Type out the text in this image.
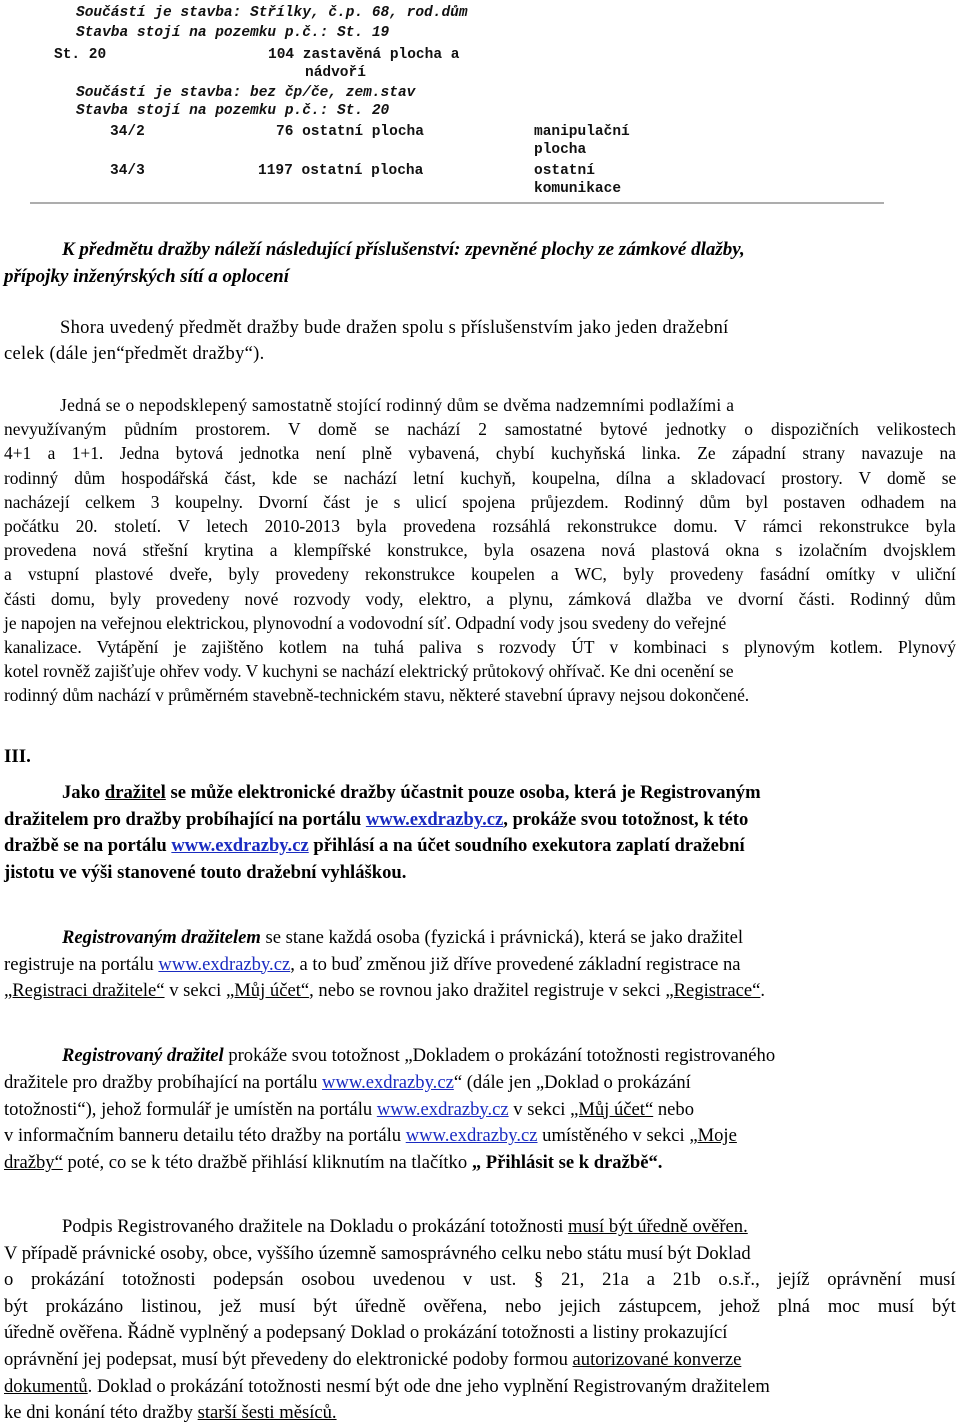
Součástí je stavba: Střílky, č.p. 68, rod.dům
Stavba stojí na pozemku p.č.: St. 19
St. 20	104 zastavěná plocha a
nádvoří
Součástí je stavba: bez čp/če, zem.stav
Stavba stojí na pozemku p.č.: St. 20
34/2	76 ostatní plocha	manipulační
plocha
34/3	1197 ostatní plocha	ostatní
komunikace
K předmětu dražby náleží následující příslušenství: zpevněné plochy ze zámkové dlažby,
přípojky inženýrských sítí a oplocení
Shora uvedený předmět dražby bude dražen spolu s příslušenstvím jako jeden dražební
celek (dále jen“předmět dražby“).
Jedná se o nepodsklepený samostatně stojící rodinný dům se dvěma nadzemními podlažími a
nevyužívaným půdním prostorem. V domě se nachází 2 samostatné bytové jednotky o dispozičních velikostech
4+1 a 1+1. Jedna bytová jednotka není plně vybavená, chybí kuchyňská linka. Ze západní strany navazuje na
rodinný dům hospodářská část, kde se nachází letní kuchyň, koupelna, dílna a skladovací prostory. V domě se
nacházejí celkem 3 koupelny. Dvorní část je s ulicí spojena průjezdem. Rodinný dům byl postaven odhadem na
počátku 20. století. V letech 2010-2013 byla provedena rozsáhlá rekonstrukce domu. V rámci rekonstrukce byla
provedena nová střešní krytina a klempířské konstrukce, byla osazena nová plastová okna s izolačním dvojsklem
a vstupní plastové dveře, byly provedeny rekonstrukce koupelen a WC, byly provedeny fasádní omítky v uliční
části domu, byly provedeny nové rozvody vody, elektro, a plynu, zámková dlažba ve dvorní části. Rodinný dům
je napojen na veřejnou elektrickou, plynovodní a vodovodní síť. Odpadní vody jsou svedeny do veřejné
kanalizace. Vytápění je zajištěno kotlem na tuhá paliva s rozvody ÚT v kombinaci s plynovým kotlem. Plynový
kotel rovněž zajišťuje ohřev vody. V kuchyni se nachází elektrický průtokový ohřívač. Ke dni ocenění se
rodinný dům nachází v průměrném stavebně-technickém stavu, některé stavební úpravy nejsou dokončené.
III.
Jako dražitel se může elektronické dražby účastnit pouze osoba, která je Registrovaným
dražitelem pro dražby probíhající na portálu www.exdrazby.cz, prokáže svou totožnost, k této
dražbě se na portálu www.exdrazby.cz přihlásí a na účet soudního exekutora zaplatí dražební
jistotu ve výši stanovené touto dražební vyhláškou.
Registrovaným dražitelem se stane každá osoba (fyzická i právnická), která se jako dražitel
registruje na portálu www.exdrazby.cz, a to buď změnou již dříve provedené základní registrace na
„Registraci dražitele“ v sekci „Můj účet“, nebo se rovnou jako dražitel registruje v sekci „Registrace“.
Registrovaný dražitel prokáže svou totožnost „Dokladem o prokázání totožnosti registrovaného
dražitele pro dražby probíhající na portálu www.exdrazby.cz“ (dále jen „Doklad o prokázání
totožnosti“), jehož formulář je umístěn na portálu www.exdrazby.cz v sekci „Můj účet“ nebo
v informačním banneru detailu této dražby na portálu www.exdrazby.cz umístěného v sekci „Moje
dražby“ poté, co se k této dražbě přihlásí kliknutím na tlačítko „ Přihlásit se k dražbě“.
Podpis Registrovaného dražitele na Dokladu o prokázání totožnosti musí být úředně ověřen.
V případě právnické osoby, obce, vyššího územně samosprávného celku nebo státu musí být Doklad
o prokázání totožnosti podepsán osobou uvedenou v ust. § 21, 21a a 21b o.s.ř., jejíž oprávnění musí
být prokázáno listinou, jež musí být úředně ověřena, nebo jejich zástupcem, jehož plná moc musí být
úředně ověřena. Řádně vyplněný a podepsaný Doklad o prokázání totožnosti a listiny prokazující
oprávnění jej podepsat, musí být převedeny do elektronické podoby formou autorizované konverze
dokumentů. Doklad o prokázání totožnosti nesmí být ode dne jeho vyplnění Registrovaným dražitelem
ke dni konání této dražby starší šesti měsíců.
